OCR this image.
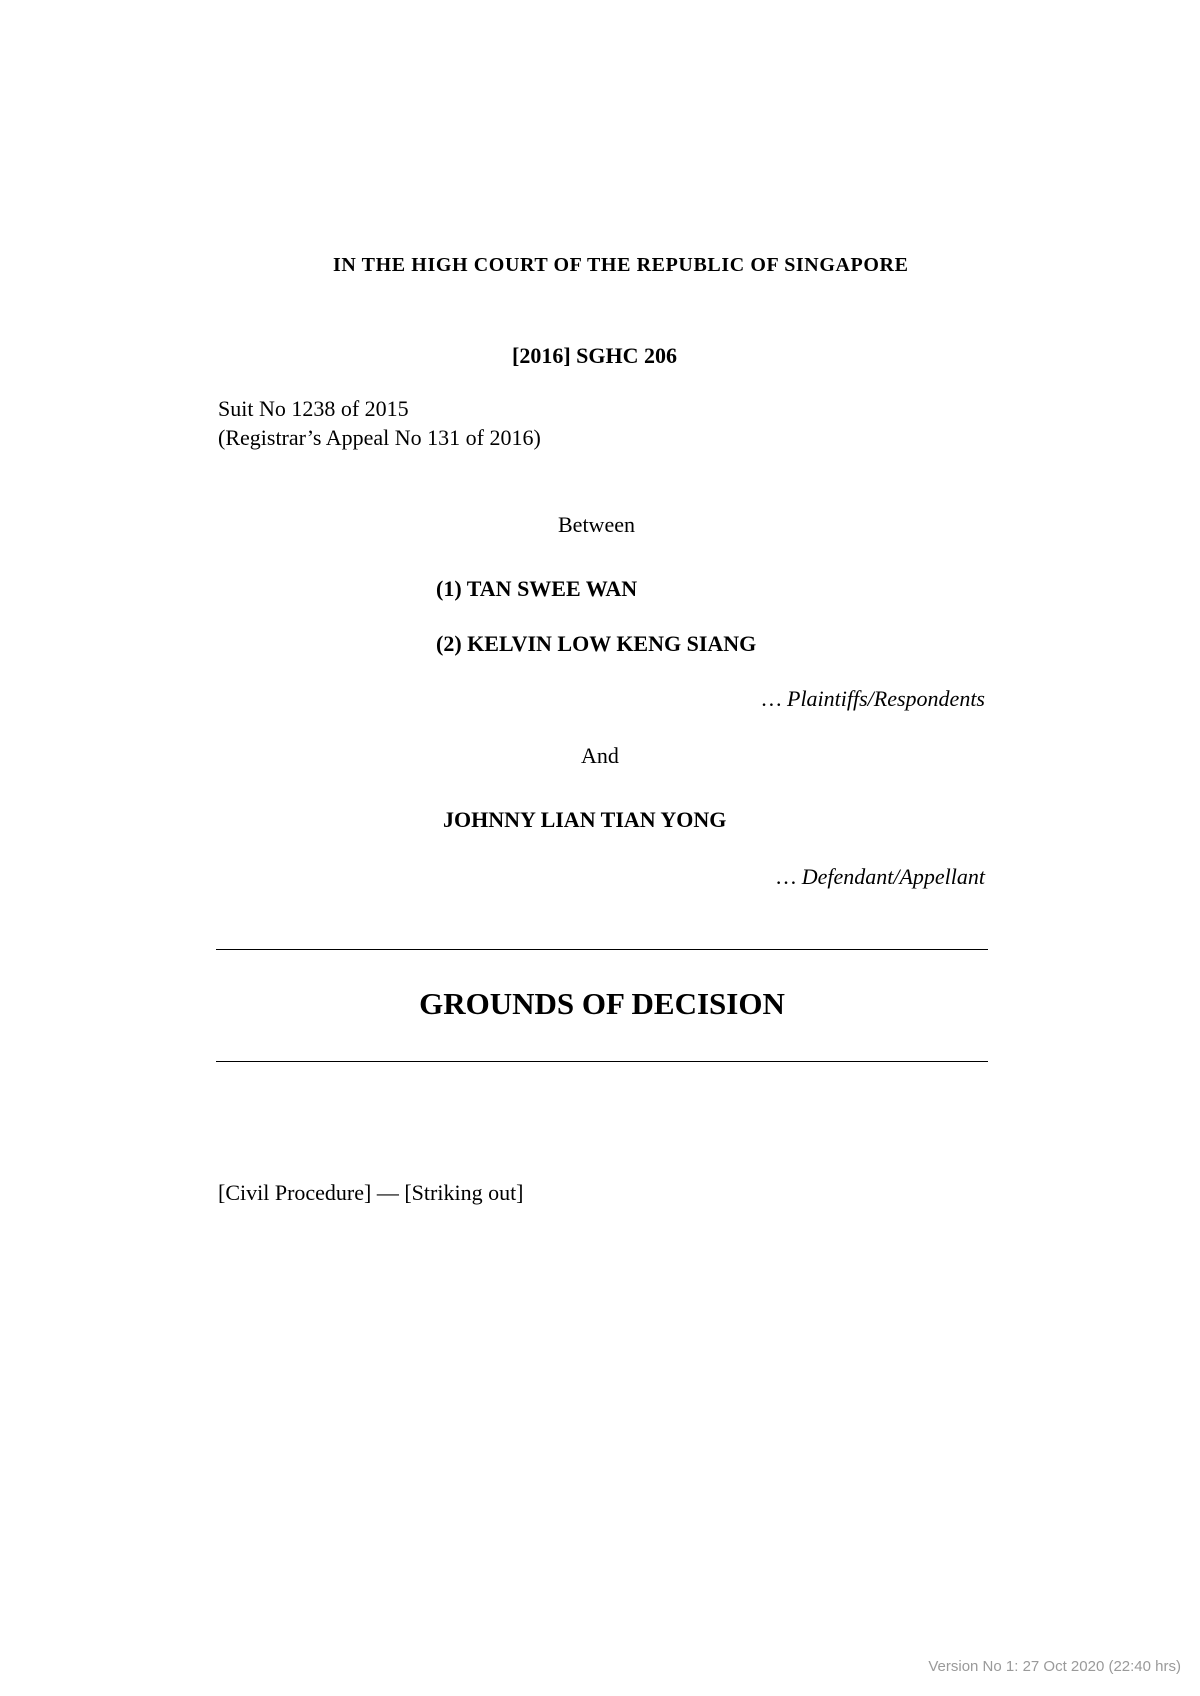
IN THE HIGH COURT OF THE REPUBLIC OF SINGAPORE
[2016] SGHC 206
Suit No 1238 of 2015
(Registrar’s Appeal No 131 of 2016)
Between
(1) TAN SWEE WAN
(2) KELVIN LOW KENG SIANG
… Plaintiffs/Respondents
And
JOHNNY LIAN TIAN YONG
… Defendant/Appellant
GROUNDS OF DECISION
[Civil Procedure] — [Striking out]
Version No 1: 27 Oct 2020 (22:40 hrs)
